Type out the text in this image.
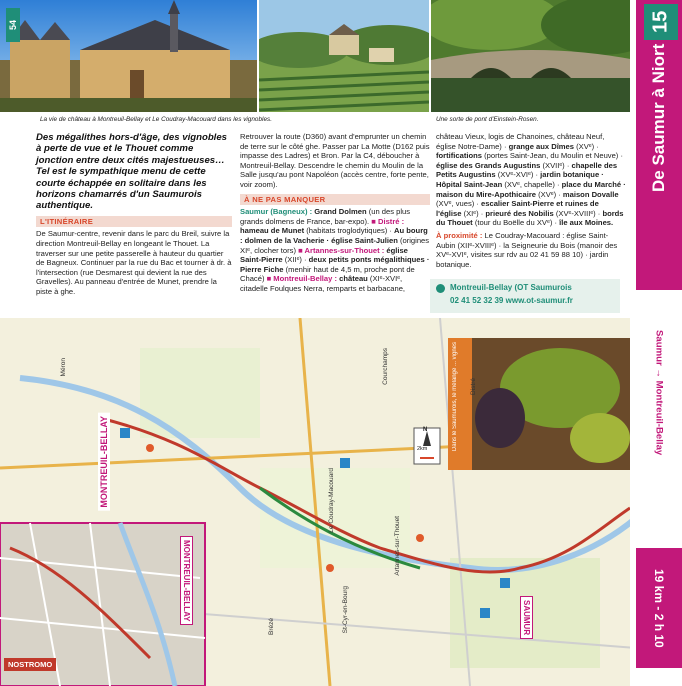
54
La vie de château à Montreuil-Bellay et Le Coudray-Macouard dans les vignobles.	Une sorte de pont d'Einstein-Rosen.
Des mégalithes hors-d'âge, des vignobles à perte de vue et le Thouet comme jonction entre deux cités majestueuses… Tel est le sympathique menu de cette courte échappée en solitaire dans les horizons chamarrés d'un Saumurois authentique.
L'ITINÉRAIRE
De Saumur-centre, revenir dans le parc du Breil, suivre la direction Montreuil-Bellay en longeant le Thouet. La traverser sur une petite passerelle à hauteur du quartier de Bagneux. Continuer par la rue du Bac et tourner à dr. à l'intersection (rue Desmarest qui devient la rue des Gravelles). Au panneau d'entrée de Munet, prendre la piste à ghe.
Retrouver la route (D360) avant d'emprunter un chemin de terre sur le côté ghe. Passer par La Motte (D162 puis impasse des Ladres) et Bron. Par la C4, déboucher à Montreuil-Bellay. Descendre le chemin du Moulin de la Salle jusqu'au pont Napoléon (accès centre, forte pente, voir zoom).
À NE PAS MANQUER
Saumur (Bagneux) : Grand Dolmen (un des plus grands dolmens de France, bar-expo). ■ Distré : hameau de Munet (habitats troglodytiques) · Au bourg : dolmen de la Vacherie · église Saint-Julien (origines XIᵉ, clocher tors) ■ Artannes-sur-Thouet : église Saint-Pierre (XIIᵉ) · deux petits ponts mégalithiques · Pierre Fiche (menhir haut de 4,5 m, proche pont de Chacé) ■ Montreuil-Bellay : château (XIᵉ-XVIᵉ, citadelle Foulques Nerra, remparts et barbacane,
château Vieux, logis de Chanoines, château Neuf, église Notre-Dame) · grange aux Dîmes (XVᵉ) · fortifications (portes Saint-Jean, du Moulin et Neuve) · église des Grands Augustins (XVIIᵉ) · chapelle des Petits Augustins (XVᵉ-XVIᵉ) · jardin botanique · Hôpital Saint-Jean (XVᵉ, chapelle) · place du Marché · maison du Mire-Apothicaire (XVᵉ) · maison Dovalle (XVᵉ, vues) · escalier Saint-Pierre et ruines de l'église (XIᵉ) · prieuré des Nobilis (XVᵉ-XVIIIᵉ) · bords du Thouet (tour du Boëlle du XVᵉ) · île aux Moines.
À proximité : Le Coudray-Macouard : église Saint-Aubin (XIIᵉ-XVIIIᵉ) · la Seigneurie du Bois (manoir des XVᵉ-XVIᵉ, visites sur rdv au 02 41 59 88 10) · jardin botanique.
Montreuil-Bellay (OT Saumurois
02 41 52 32 39 www.ot-saumur.fr
MONTREUIL-BELLAY
MONTREUIL-BELLAY	SAUMUR
N
2km
Courchamps
Le Coudray-Macouard
Artannes-sur-Thouet
St-Cyr-en-Bourg
Brézé
Distré
Méron	Dans le Saumurois, le mélange ... vignes
NOSTROMO
15
De Saumur à Niort
Saumur → Montreuil-Bellay
19 km - 2 h 10
